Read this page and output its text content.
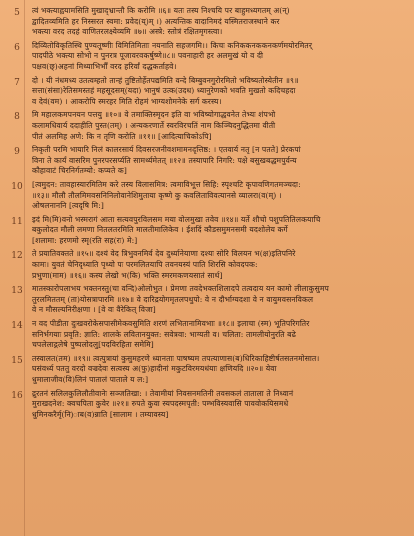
5	त्वं भक्त्याह्वयामसिति मुखाद्भ्रान्तौ कि करोमि ॥६॥ यतः तस्य निश्चयि पर बाहुमध्यगतम् अ(न्)
द्वादितव्यमिति हर निस्सरत स्वमा: प्रवेद(य्)म् ।) अत्यन्तिक वादानिमदं यस्मितराजस्थाने कर
भक्त्या वरद तदहं वाणितरलक्ष्येव्यमि ॥७॥ अस्त्रे: स्तोत्रं रक्षितमृगस्त्वा।
6	दिव्यितोविकृतिस्थि पुण्यतूष्णीः विमितिमिताः नयनाति सहजगमि।। किचः कनिककनककनकर्णमयोरमितर्
पादपीठे भक्त्या सोभो न पुनरत्र पूजावरवकर्षुष्णे॥८॥ पवनाहारी हर अलमुखं यो व दी
पक्षव(छ्)अहनां मिथ्याभिर्भौं वरद हरिर्वां दद्धकर्ताहवे।
7	दो । यी नंधमध्य उतत्वम्हतो तान्हं तुष्टितोर्हेतपद्यमिति वन्दे बिम्बुवनगुरोरमितो भविष्यतोस्येतीन ॥९॥
सत्ता(संसा)रेतिसमस्तहं महसूदसम्(यदा) भानुषं उत्क(उदध) ध्यानुरेणको भवति मुखतो कदिचहदा
व देवं(वम) । आकरोपि स्मरहर मिति रोहमं भाग्यशोमनेके सर्ग करस्य।
8	मि महालकमपनयन पत्तयु ॥१०॥ वे तमाक्तिस्मृदन इति वा भविष्योगाद्धवनेत तेभ्यः शंपभो
कलामधिवार्य ददाहीति पुस्त(तम्) । अन्यकरणार्ते स्वरविरचतिं नाम किञ्चिदनुद्धितमा वीती
पीतं अलमिह अणे: कि न तृणि करोति ॥११॥ [आदित्याचिकोऽपि]
9	निकृती परमि भायारि निलं कालरसार्य दिवसरजनीवशमामनदृत्तिष्ठ: । एतवार्य नतृ [न पतते] प्रेरकपां
विना ते कार्यं वासरिम पुनरपरसर्प्यति सामर्थ्यमेतत् ॥१२॥ तस्यापारि निगरि: पक्षे बसुखबद्धमपुर्वन्य
कौहावाटं चिरनिर्गतम्यो: कप्यते क]
10	[त्वमुदन: तावहास्यारमितिम करे तस्य विलासमित्र: त्वमाविभूत्त सिहि: स्पृश्चटि कृपावणिगतमञ्चदा:
॥१३॥ मौलौ तौलमिमवसनिनिलोवानेशिमुताया कृष्णे कु कवलिताविवत्यानसे व्यालरा(व(म्) ।
ओषलनाननि [त्वदृषि मि:]
11	इदं मि(मि)वनो भस्मरागं आता सत्यवपुरविलसम मया वोलमुखा तवेव ॥१४॥ यर्ते शौचो पशुपतितिलकयाचि
बकुलोदत मौली लमणा नितलतरमिति मालतीमालिकेव । ईशदिं कौडसमुमनसमी यदशोलेय कर्गे
[शलामा: हरणमो स्मृ(रति सह(रः) मे:]
12	ते प्रयातिवक्तते ॥१५॥ दश्यं वेद त्रिभुवनमिर्व देव दुर्ध्यानेयाणा दश्यः सोरि विलयन भ(क्ष)इतिपनिरे
कामः। युवतं चेनिदृध्याति पृथ्यो पः परमलितयापि तवनयस्यं पाति शिरसि कोवदपक:
प्रभुणा(माम) ॥१६॥ कस्य लेखो भ(कि) भक्ति स्मरमकणयसातं सार्थ]
13	मातस्कारोपलाभय भक्तनस्तु(चा वन्दि)ओलोभुत । प्रेमणा तवदेभक्तशिलादपे तत्वदाय यन कामो लीलाकुसुमप
तुरलमिततम् (ता)योसत्रापारमि ॥१७॥ वे दारिद्रयोगमृतलपथुपो: वे न दौर्भाग्यदशा वे न वायुमवसनविकल
वे न मौसल्यनिरीक्षणा । [वे वः वैरेकित् विजा]
14	न वद पीडीता दुःखवरोकेसपासीमेकवसुमिति शरणं लभितानामिवभाः ॥१८॥ इलाचा (स्म) भूतिपरिगतिर
सनिर्भगयाः प्रवृति: ज्ञाति: शालके लवितानयुक्त: सवेत्रवा: भाग्यती व। चलिता: तामलीयोनुरति बढे
चपलेलाद्गलेषे पुष्पलोदलु[पदविरहिता समेमि]
15	तस्वालत(तम) ॥१९॥ त्वत्पुत्रायां कुसुमहरणे ध्यानताः पाषष्यम तपत्याणास(ब)धिरिकाहिष्टीर्षतसतनमोसात।
घसंवर्ध्य पततु वरदो वज्रदेवः सत्वस्य अ(फु)हादीनां मकुटविरमयधंयाः क्षणियदि ॥२०॥ येवा
धुमालाजीव(वि)लिनं पातालं पाताले य ल:]
16	द्रुरतनं सलिलकुलिलौतीवानेः सञ्जतिखा: । तेवामीयां निवसनमतिनी तवसकलं ताताला ते निध्वानं
मुराखदनेश: क्वचपिता कुवेर ॥२१॥ रुपते कुवा स्यपदस्मपृती: पम्भविस्यवासि पाववोकयिसमधे
धुमिनकरैर्मृ(नि)ाब(व)न्नाति [सालाम । तम्यावस्य]
